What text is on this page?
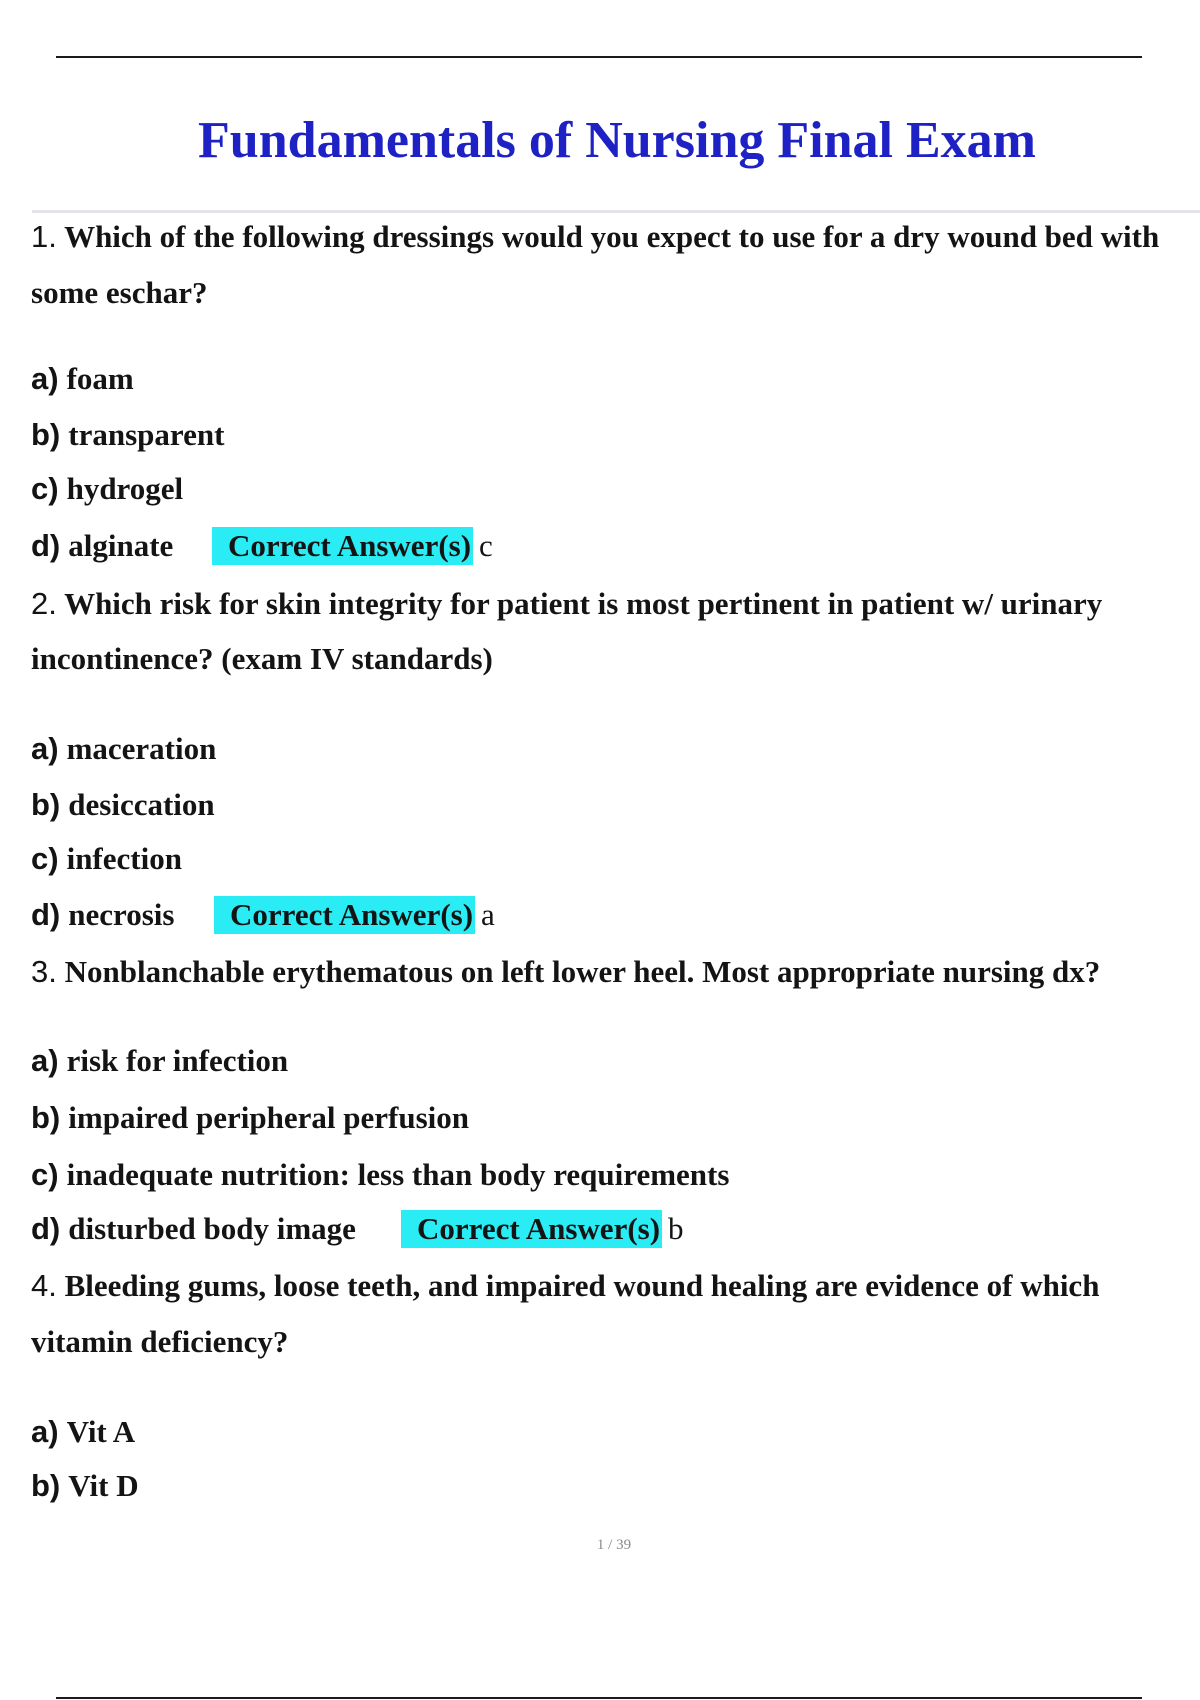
Fundamentals of Nursing Final Exam

1. Which of the following dressings would you expect to use for a dry wound bed with

some eschar?

a) foam

b) transparent

c) hydrogel

d) alginate	Correct Answer(s) c

2. Which risk for skin integrity for patient is most pertinent in patient w/ urinary

incontinence? (exam IV standards)

a) maceration

b) desiccation

c) infection

d) necrosis	Correct Answer(s) a

3. Nonblanchable erythematous on left lower heel. Most appropriate nursing dx?

a) risk for infection

b) impaired peripheral perfusion

c) inadequate nutrition: less than body requirements

d) disturbed body image	Correct Answer(s) b

4. Bleeding gums, loose teeth, and impaired wound healing are evidence of which

vitamin deficiency?

a) Vit A

b) Vit D

1 / 39
